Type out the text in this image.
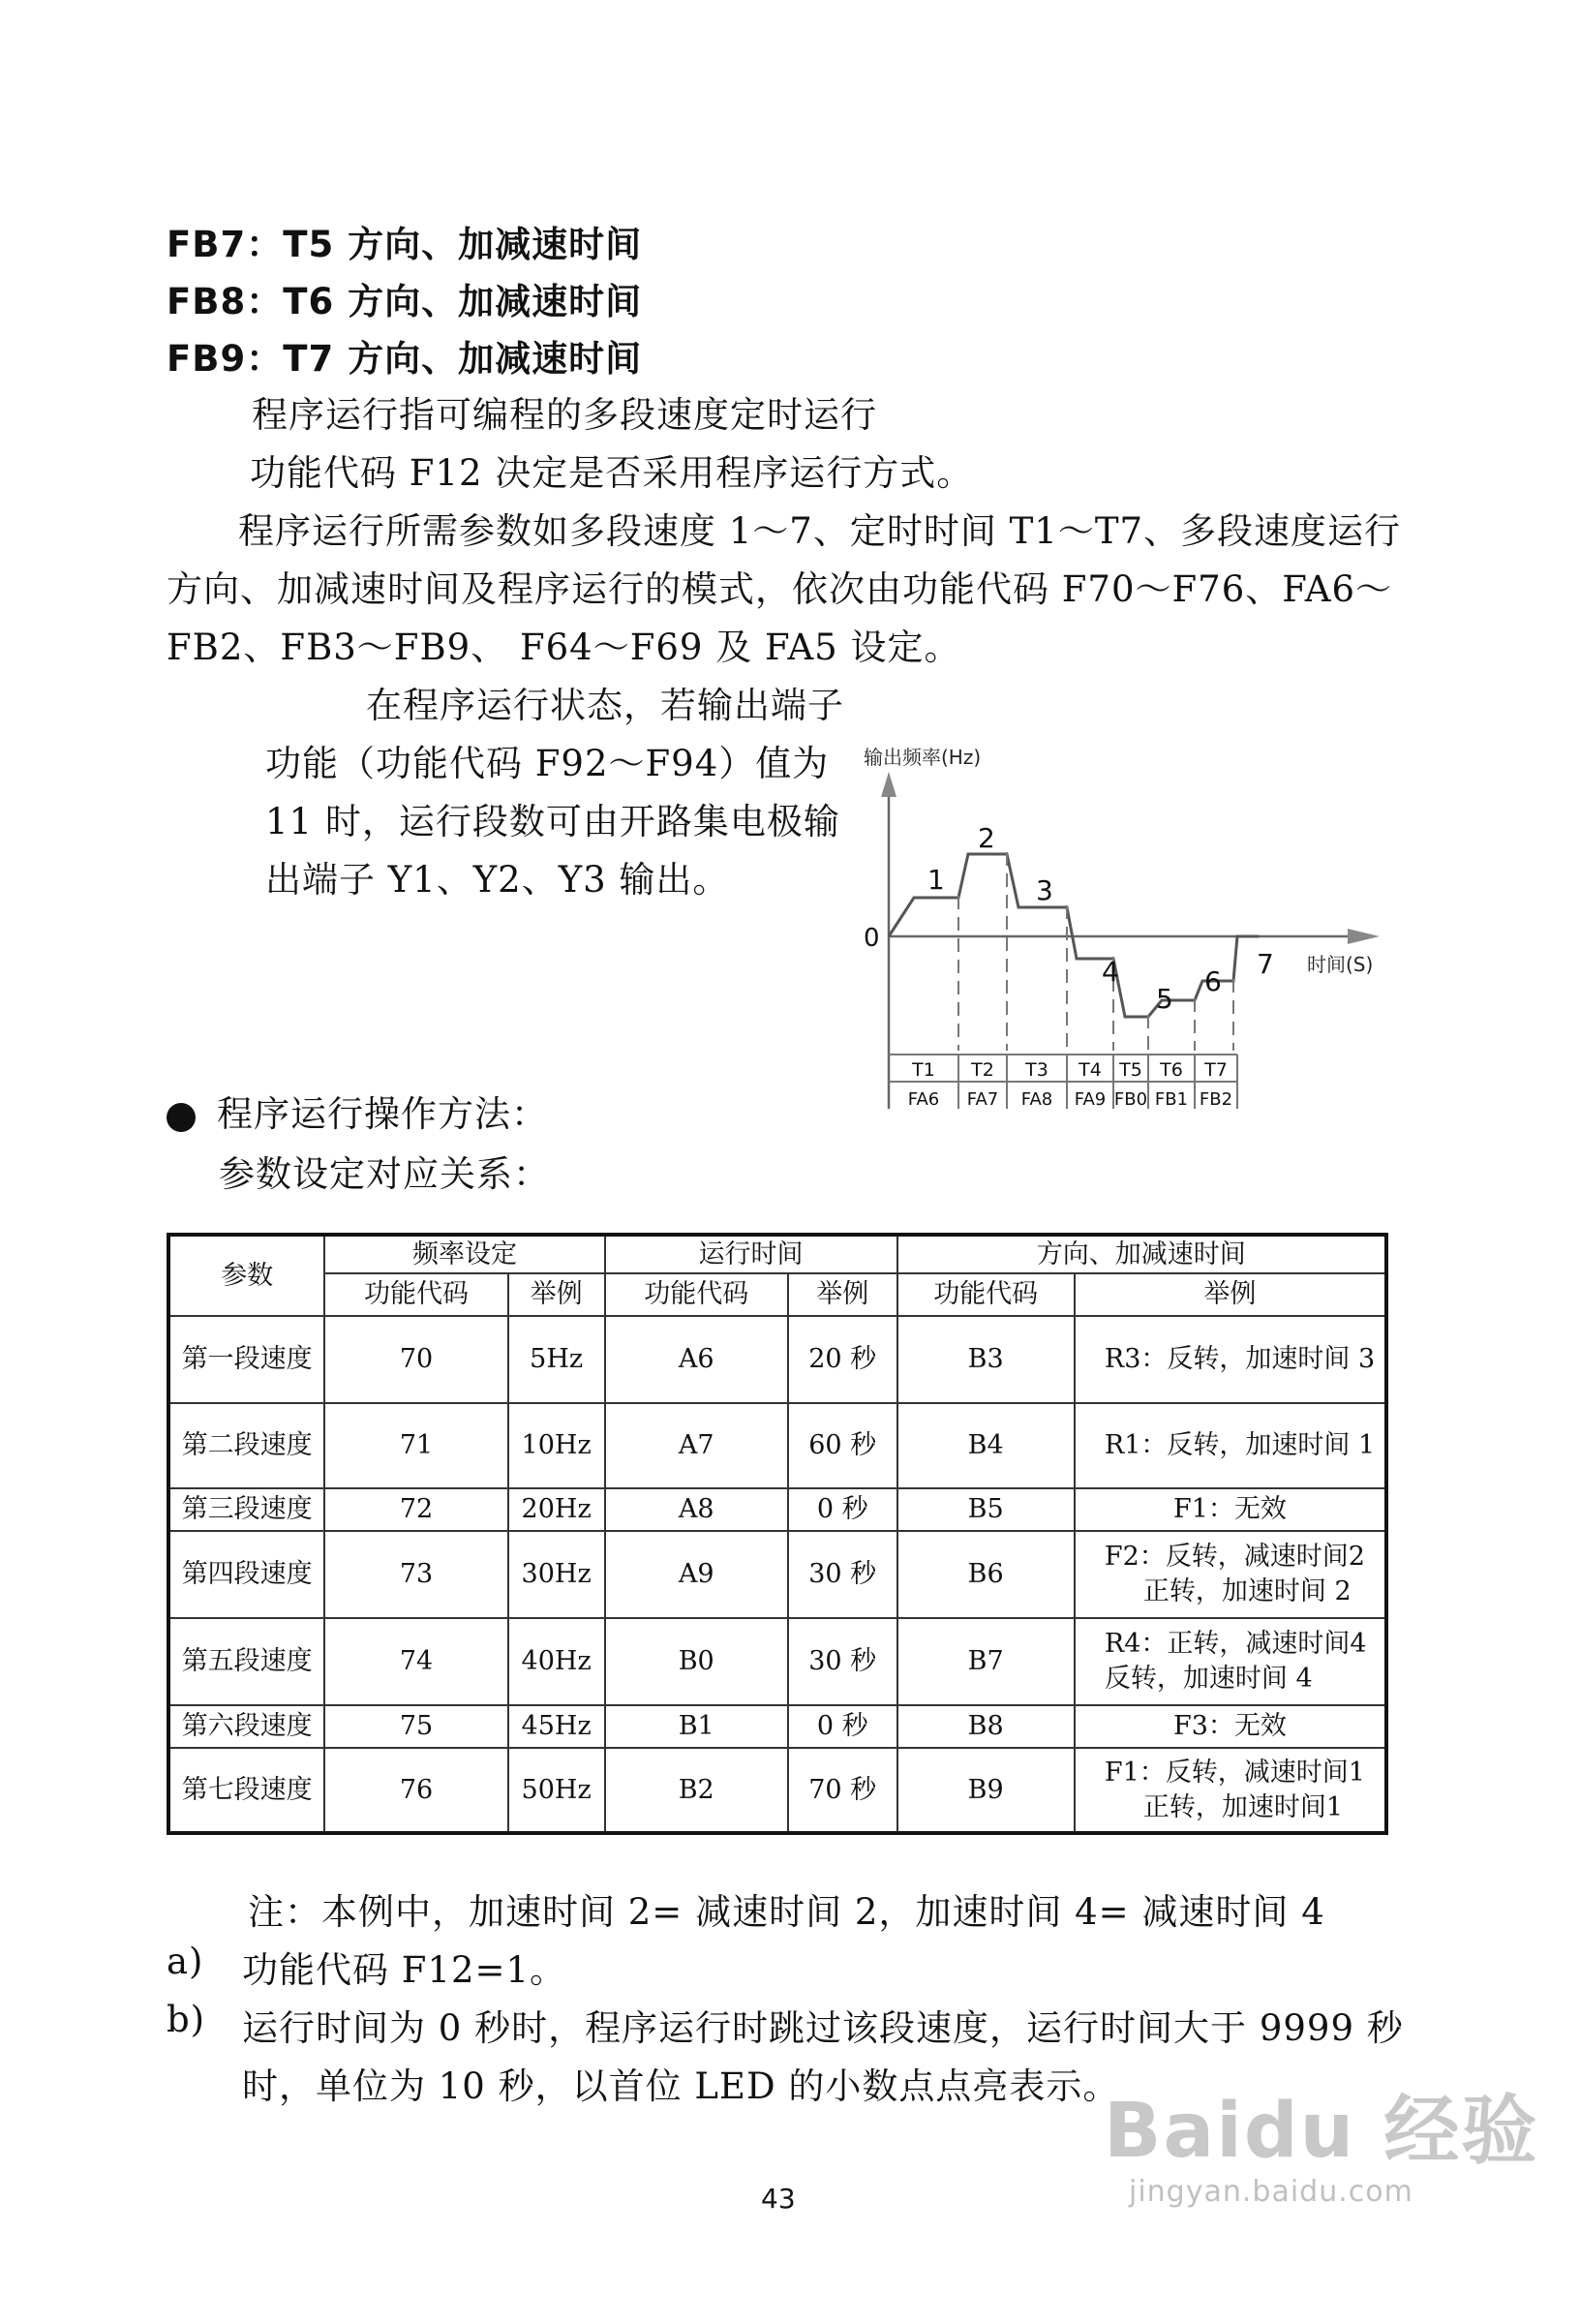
FB7：T5 方向、加减速时间
FB8：T6 方向、加减速时间
FB9：T7 方向、加减速时间
程序运行指可编程的多段速度定时运行
功能代码 F12 决定是否采用程序运行方式。
程序运行所需参数如多段速度 1～7、定时时间 T1～T7、多段速度运行
方向、加减速时间及程序运行的模式，依次由功能代码 F70～F76、FA6～
FB2、FB3～FB9、 F64～F69 及 FA5 设定。
在程序运行状态，若输出端子
功能（功能代码 F92～F94）值为
11 时，运行段数可由开路集电极输
出端子 Y1、Y2、Y3 输出。
输出频率(Hz)
0
时间(S)
1
2
3
4
5
6
7
T1 T2 T3 T4 T5 T6 T7
FA6 FA7 FA8 FA9 FB0 FB1 FB2
程序运行操作方法：
参数设定对应关系：
参数	频率设定		运行时间		方向、加减速时间	
	功能代码	举例	功能代码	举例	功能代码	举例
第一段速度	70	5Hz	A6	20 秒	B3	R3：反转，加速时间 3

第二段速度	71	10Hz	A7	60 秒	B4	R1：反转，加速时间 1

第三段速度	72	20Hz	A8	0 秒	B5	F1：无效

第四段速度	73	30Hz	A9	30 秒	B6	F2：反转，减速时间2
正转，加速时间 2

第五段速度	74	40Hz	B0	30 秒	B7	R4：正转，减速时间4
反转，加速时间 4

第六段速度	75	45Hz	B1	0 秒	B8	F3：无效

第七段速度	76	50Hz	B2	70 秒	B9	F1：反转，减速时间1
正转，加速时间1
注：本例中，加速时间 2= 减速时间 2，加速时间 4= 减速时间 4
a) 功能代码 F12=1。
b) 运行时间为 0 秒时，程序运行时跳过该段速度，运行时间大于 9999 秒
时，单位为 10 秒，以首位 LED 的小数点点亮表示。
43
Baidu 经验
jingyan.baidu.com
